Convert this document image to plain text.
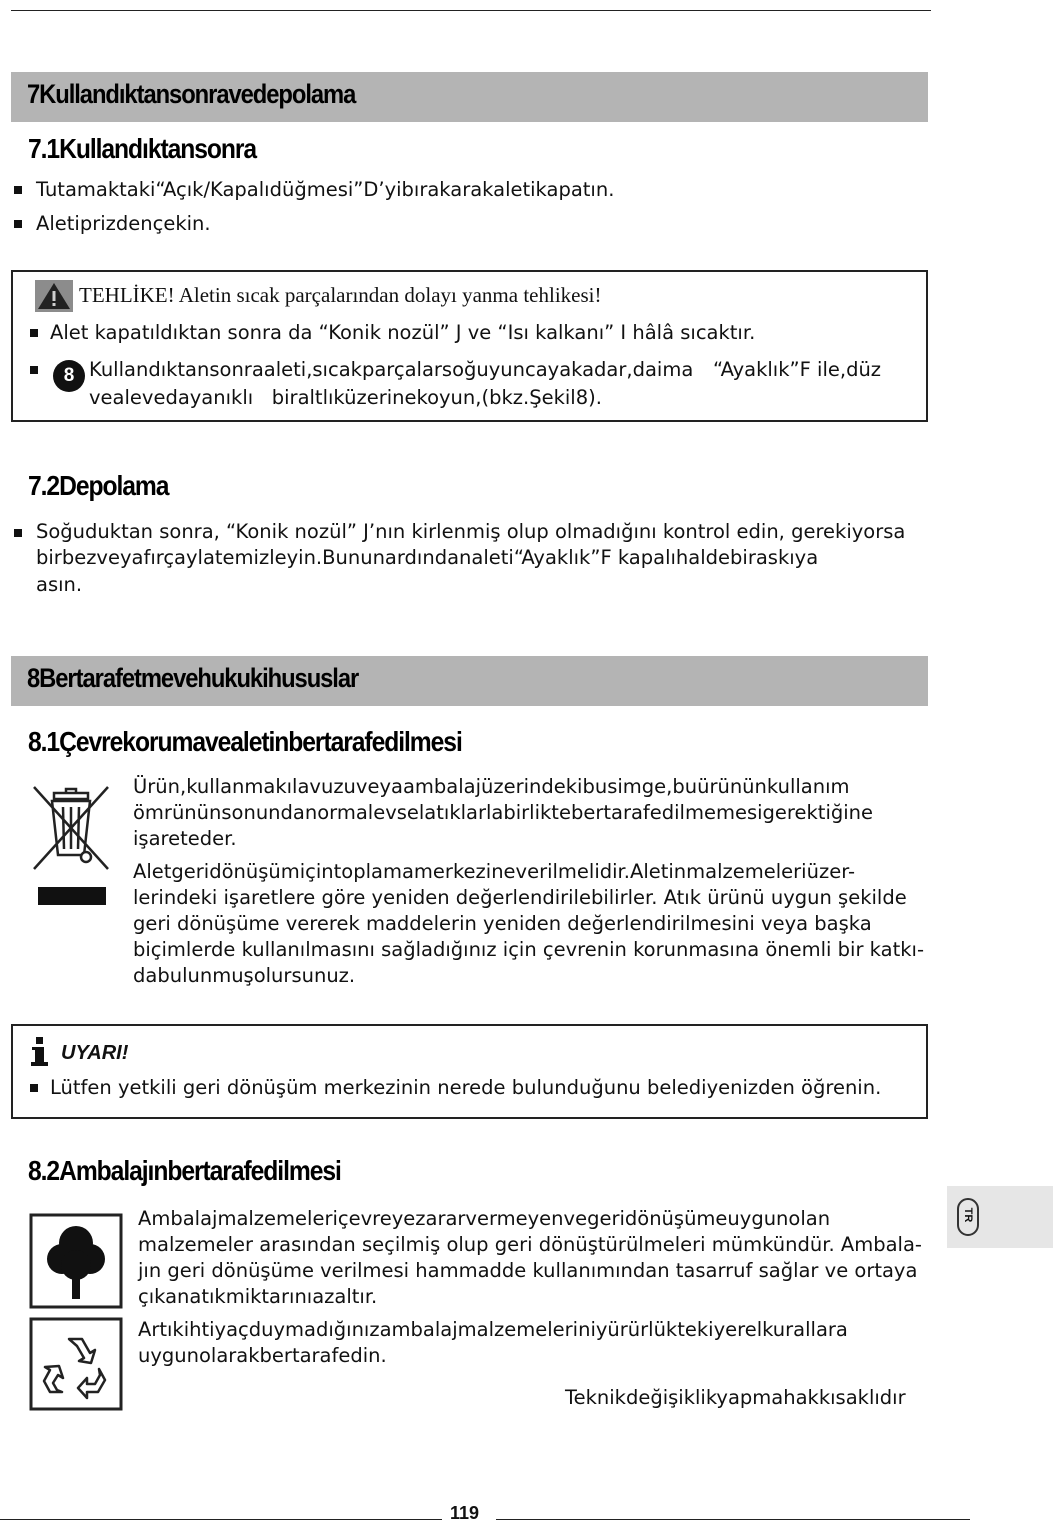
7Kullandıktansonravedepolama
7.1Kullandıktansonra
Tutamaktaki“Açık/Kapalıdüğmesi”D’yibırakarakaletikapatın.
Aletiprizdençekin.
TEHLİKE! Aletin sıcak parçalarından dolayı yanma tehlikesi!
Alet kapatıldıktan sonra da “Konik nozül” J ve “Isı kalkanı” I hâlâ sıcaktır.
8 Kullandıktansonraaleti,sıcakparçalarsoğuyuncayakadar,daima “Ayaklık”F ile,düz
vealevedayanıklı   biraltlıküzerinekoyun,(bkz.Şekil8).
7.2Depolama
Soğuduktan sonra, “Konik nozül” J’nın kirlenmiş olup olmadığını kontrol edin, gerekiyorsa
birbezveyafırçaylatemizleyin.Bununardındanaleti“Ayaklık”F kapalıhaldebiraskıya
asın.
8Bertarafetmevehukukihususlar
8.1Çevrekorumavealetinbertarafedilmesi
Ürün,kullanmakılavuzuveyaambalajüzerindekibusimge,buürününkullanım
ömrününsonundanormalevselatıklarlabirliktebertarafedilmemesigerektiğine
işareteder.
Aletgeridönüşümiçintoplamamerkezineverilmelidir.Aletinmalzemeleriüzer-
lerindeki işaretlere göre yeniden değerlendirilebilirler. Atık ürünü uygun şekilde
geri dönüşüme vererek maddelerin yeniden değerlendirilmesini veya başka
biçimlerde kullanılmasını sağladığınız için çevrenin korunmasına önemli bir katkı-
dabulunmuşolursunuz.
UYARI!
Lütfen yetkili geri dönüşüm merkezinin nerede bulunduğunu belediyenizden öğrenin.
8.2Ambalajınbertarafedilmesi
Ambalajmalzemeleriçevreyezararvermeyenvegeridönüşümeuygunolan
malzemeler arasından seçilmiş olup geri dönüştürülmeleri mümkündür. Ambala-
jın geri dönüşüme verilmesi hammadde kullanımından tasarruf sağlar ve ortaya
çıkanatıkmiktarınıazaltır.
Artıkihtiyaçduymadığınızambalajmalzemeleriniyürürlüktekiyerelkurallara
uygunolarakbertarafedin.
Teknikdeğişiklikyapmahakkısaklıdır
TR
119
